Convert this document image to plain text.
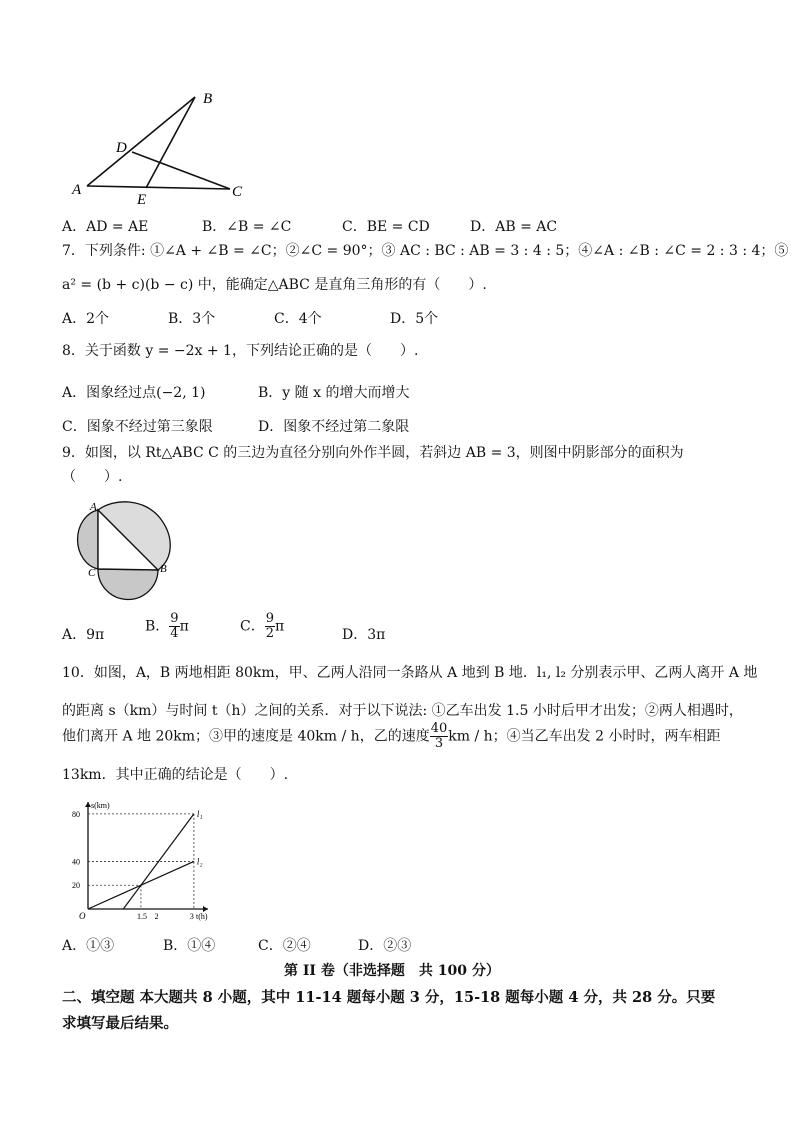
B
D
A
E	C
A．AD = AE	B．∠B = ∠C	C．BE = CD	D．AB = AC
7．下列条件: ①∠A + ∠B = ∠C；②∠C = 90°；③ AC : BC : AB = 3 : 4 : 5；④∠A : ∠B : ∠C = 2 : 3 : 4；⑤
a² = (b + c)(b − c) 中，能确定△ABC 是直角三角形的有（　　）.
A．2个	B．3个	C．4个	D．5个
8．关于函数 y = −2x + 1，下列结论正确的是（　　）.
A．图象经过点(−2, 1)	B．y 随 x 的增大而增大
C．图象不经过第三象限	D．图象不经过第二象限
9．如图，以 Rt△ABC C 的三边为直径分别向外作半圆，若斜边 AB = 3，则图中阴影部分的面积为
（　　）.
A
C	B
A．9π
B． $\frac{9}{4}$ π	C． $\frac{9}{2}$ π
D．3π
10．如图，A，B 两地相距 80km，甲、乙两人沿同一条路从 A 地到 B 地．l₁, l₂ 分别表示甲、乙两人离开 A 地
的距离 s（km）与时间 t（h）之间的关系．对于以下说法: ①乙车出发 1.5 小时后甲才出发；②两人相遇时，
他们离开 A 地 20km；③甲的速度是 40km / h，乙的速度 $\frac{40}{3}$ km / h；④当乙车出发 2 小时时，两车相距
13km．其中正确的结论是（　　）.
s(km)
t(h)
20
40
80
O	1.5 2	3
l₁
l₂
A．①③	B．①④	C．②④	D．②③
第 II 卷（非选择题　共 100 分）
二、填空题 本大题共 8 小题，其中 11-14 题每小题 3 分，15-18 题每小题 4 分，共 28 分。只要
求填写最后结果。
